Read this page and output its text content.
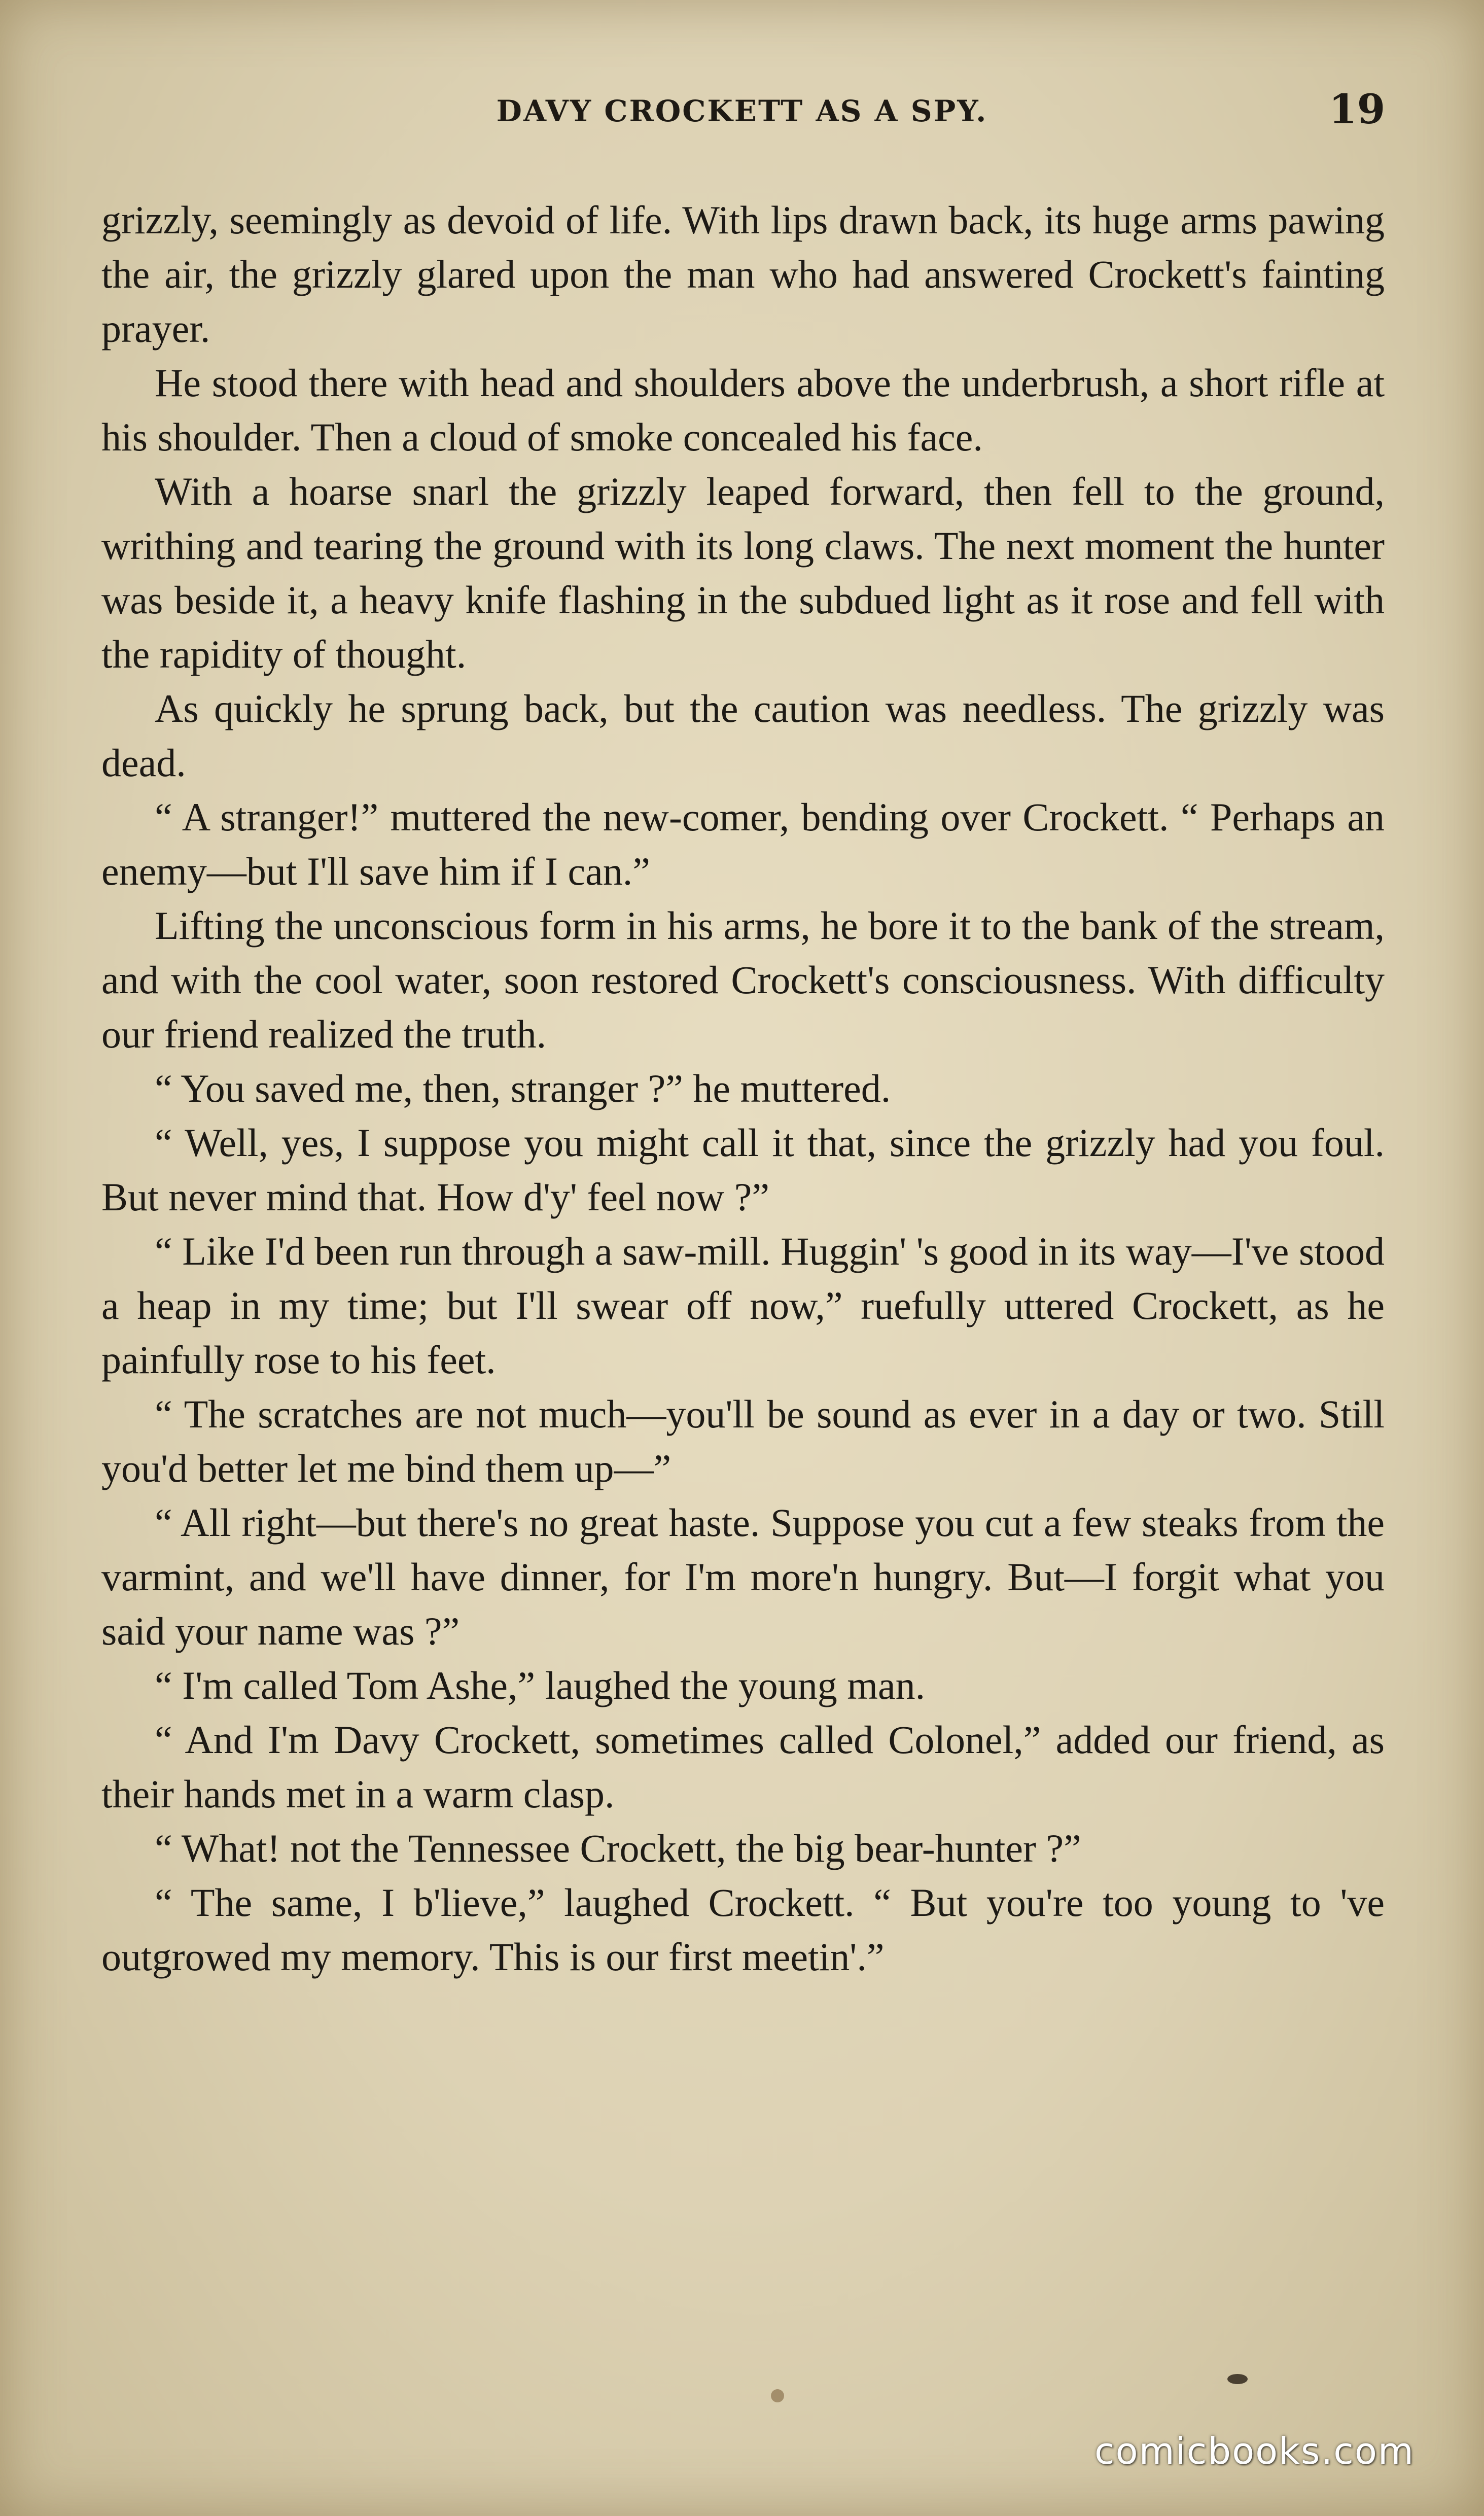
DAVY CROCKETT AS A SPY.	19

grizzly, seemingly as devoid of life. With lips drawn back, its huge arms pawing the air, the grizzly glared upon the man who had answered Crockett's fainting prayer.

He stood there with head and shoulders above the underbrush, a short rifle at his shoulder. Then a cloud of smoke concealed his face.

With a hoarse snarl the grizzly leaped forward, then fell to the ground, writhing and tearing the ground with its long claws. The next moment the hunter was beside it, a heavy knife flashing in the subdued light as it rose and fell with the rapidity of thought.

As quickly he sprung back, but the caution was needless. The grizzly was dead.

“ A stranger!” muttered the new-comer, bending over Crockett. “ Perhaps an enemy—but I'll save him if I can.”

Lifting the unconscious form in his arms, he bore it to the bank of the stream, and with the cool water, soon restored Crockett's consciousness. With difficulty our friend realized the truth.

“ You saved me, then, stranger ?” he muttered.

“ Well, yes, I suppose you might call it that, since the grizzly had you foul. But never mind that. How d'y' feel now ?”

“ Like I'd been run through a saw-mill. Huggin' 's good in its way—I've stood a heap in my time; but I'll swear off now,” ruefully uttered Crockett, as he painfully rose to his feet.

“ The scratches are not much—you'll be sound as ever in a day or two. Still you'd better let me bind them up—”

“ All right—but there's no great haste. Suppose you cut a few steaks from the varmint, and we'll have dinner, for I'm more'n hungry. But—I forgit what you said your name was ?”

“ I'm called Tom Ashe,” laughed the young man.

“ And I'm Davy Crockett, sometimes called Colonel,” added our friend, as their hands met in a warm clasp.

“ What! not the Tennessee Crockett, the big bear-hunter ?”

“ The same, I b'lieve,” laughed Crockett. “ But you're too young to 've outgrowed my memory. This is our first meetin'.”

comicbooks.com
